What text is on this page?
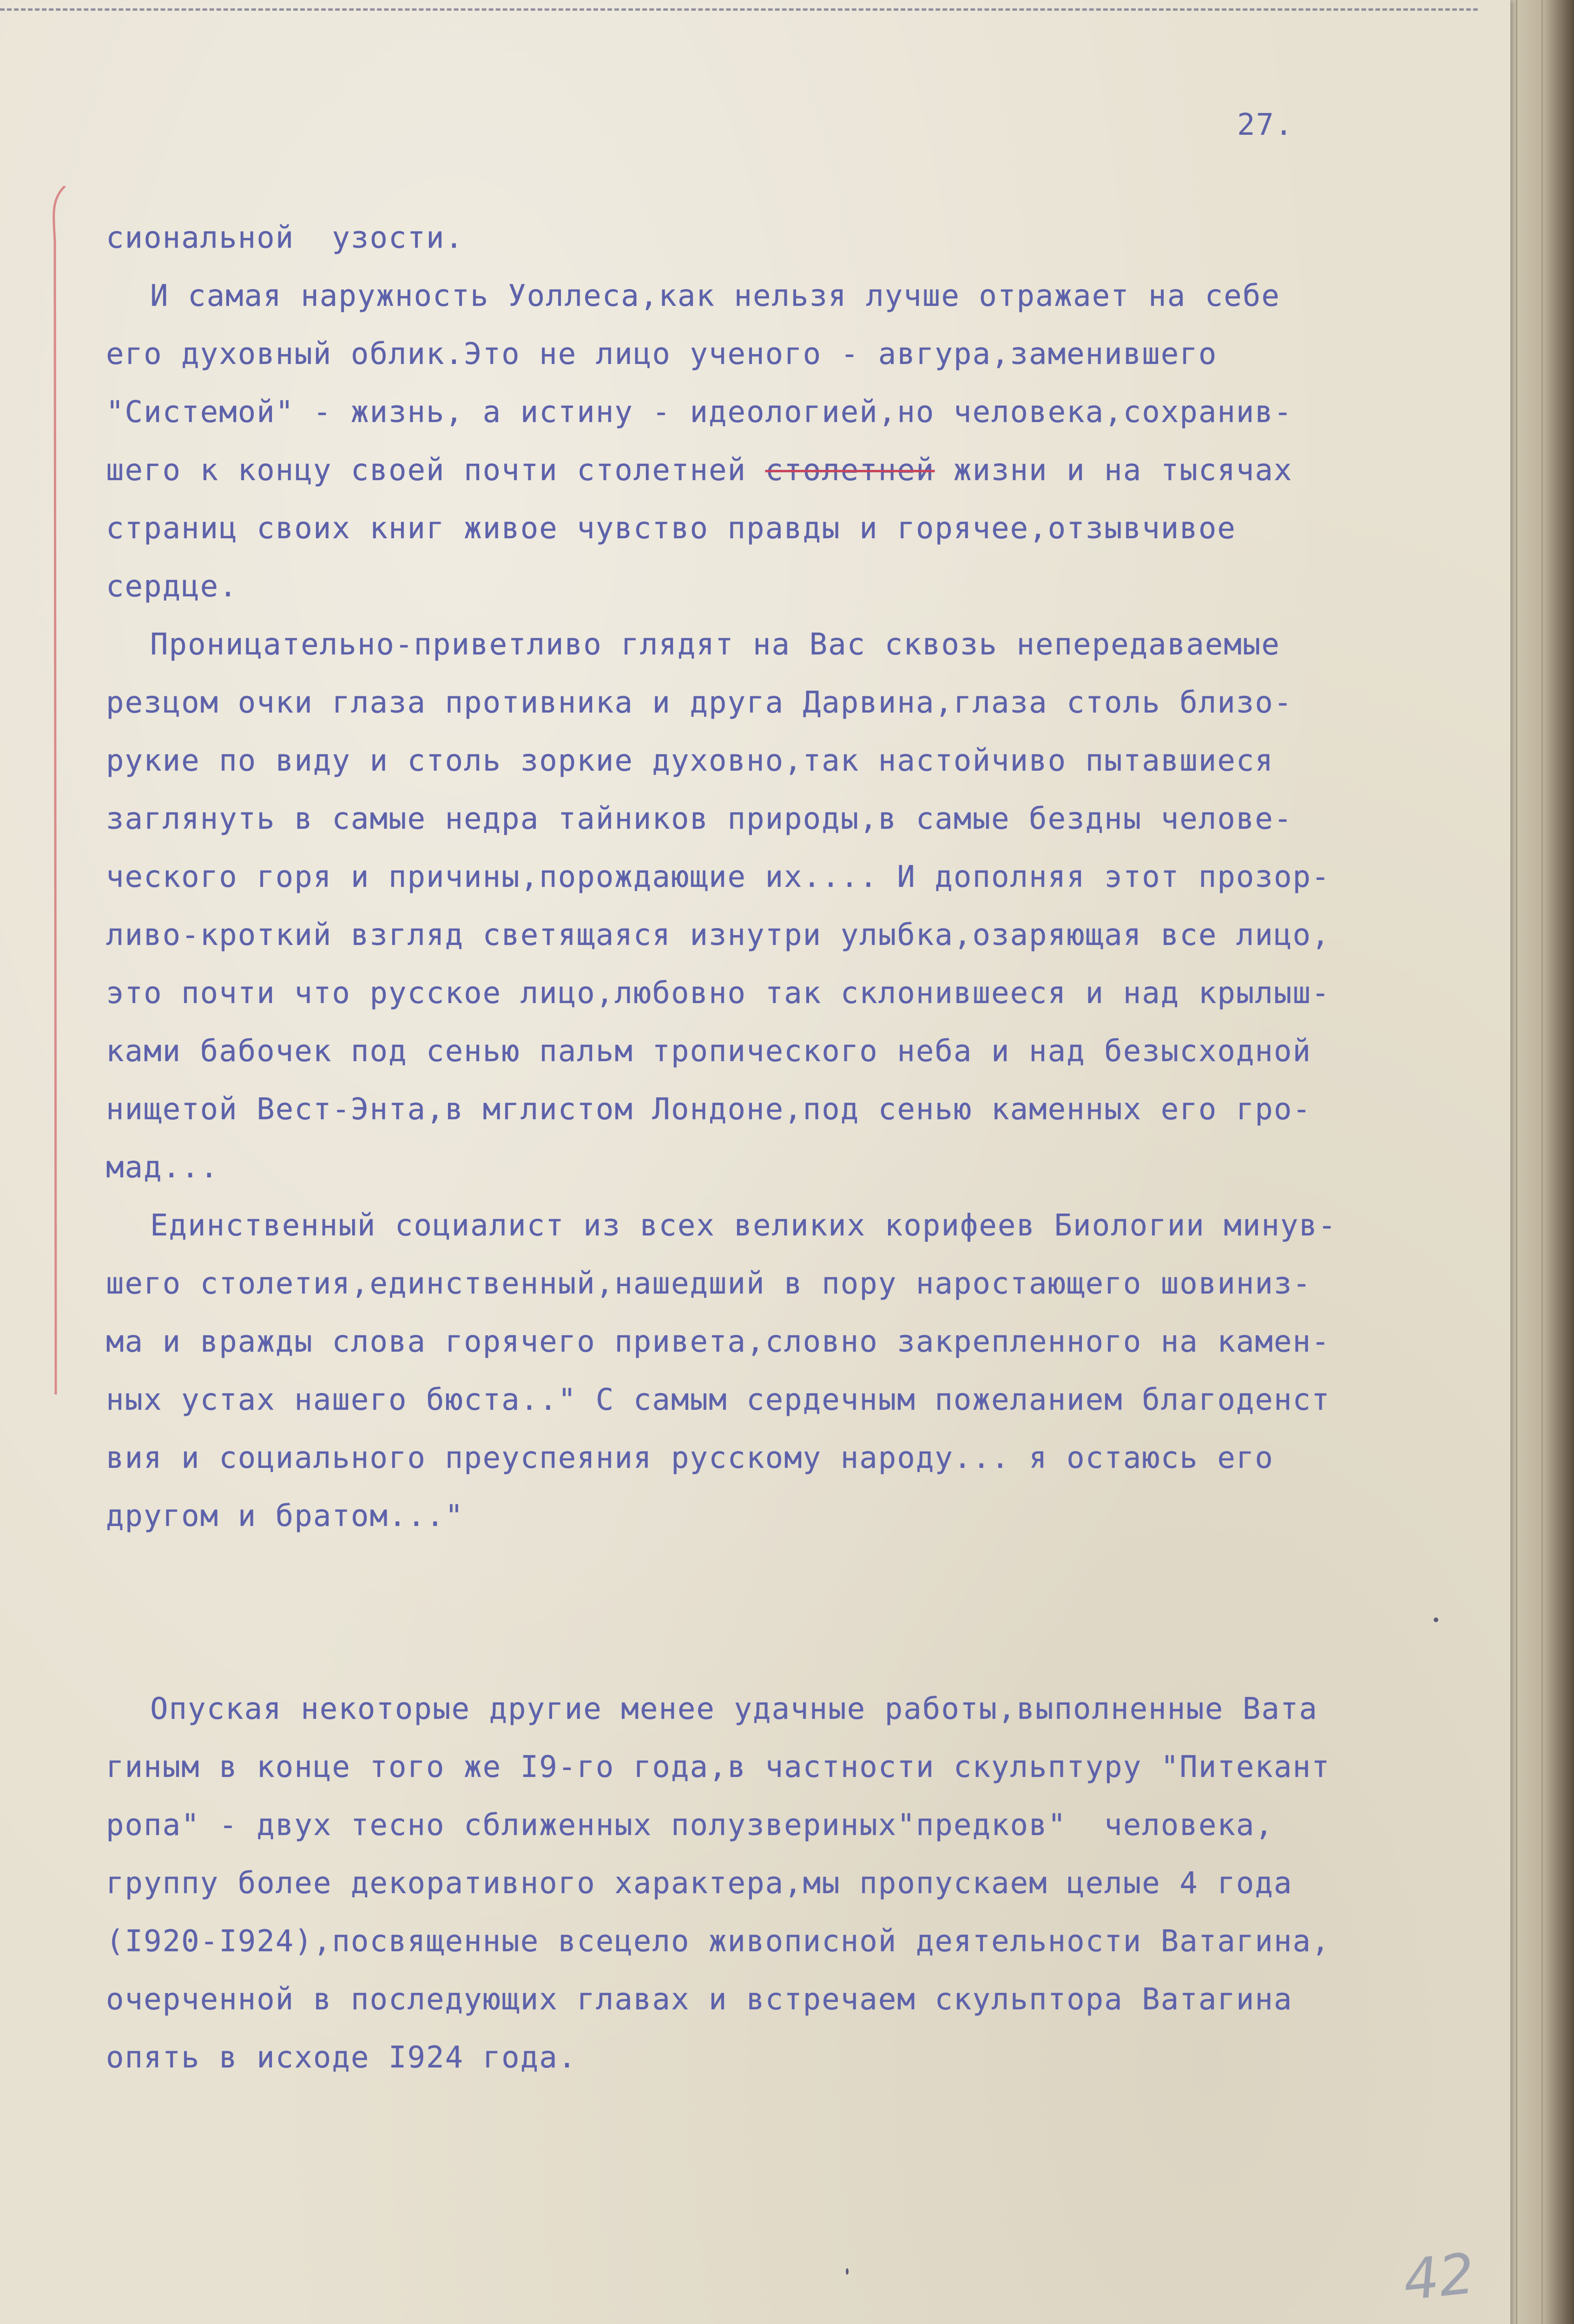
27.
сиональной  узости.
И самая наружность Уоллеса,как нельзя лучше отражает на себе
его духовный облик.Это не лицо ученого - авгура,заменившего
"Системой" - жизнь, а истину - идеологией,но человека,сохранив-
шего к концу своей почти столетней столетней жизни и на тысячах
страниц своих книг живое чувство правды и горячее,отзывчивое
сердце.
Проницательно-приветливо глядят на Вас сквозь непередаваемые
резцом очки глаза противника и друга Дарвина,глаза столь близо-
рукие по виду и столь зоркие духовно,так настойчиво пытавшиеся
заглянуть в самые недра тайников природы,в самые бездны челове-
ческого горя и причины,порождающие их.... И дополняя этот прозор-
ливо-кроткий взгляд светящаяся изнутри улыбка,озаряющая все лицо,
это почти что русское лицо,любовно так склонившееся и над крылыш-
ками бабочек под сенью пальм тропического неба и над безысходной
нищетой Вест-Энта,в мглистом Лондоне,под сенью каменных его гро-
мад...
Единственный социалист из всех великих корифеев Биологии минув-
шего столетия,единственный,нашедший в пору наростающего шовиниз-
ма и вражды слова горячего привета,словно закрепленного на камен-
ных устах нашего бюста.." С самым сердечным пожеланием благоденст
вия и социального преуспеяния русскому народу... я остаюсь его
другом и братом..."
Опуская некоторые другие менее удачные работы,выполненные Вата
гиным в конце того же I9-го года,в частности скульптуру "Питекант
ропа" - двух тесно сближенных полузвериных"предков"  человека,
группу более декоративного характера,мы пропускаем целые 4 года
(I920-I924),посвященные всецело живописной деятельности Ватагина,
очерченной в последующих главах и встречаем скульптора Ватагина
опять в исходе I924 года.
42
